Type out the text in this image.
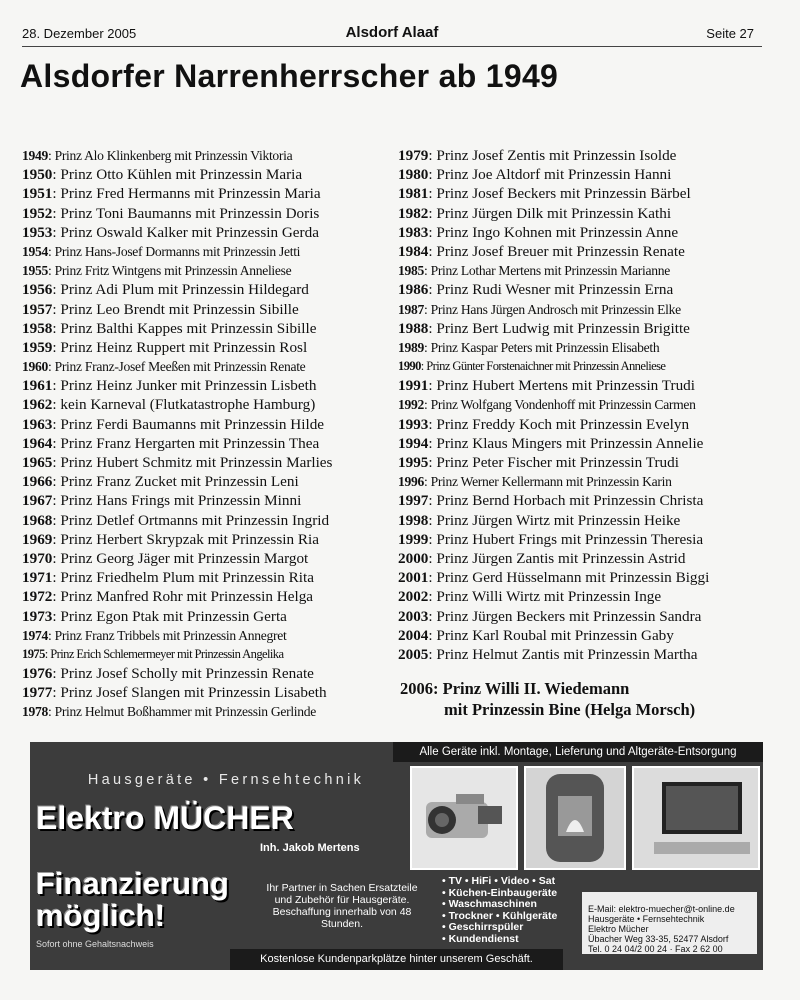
28. Dezember 2005	Alsdorf Alaaf	Seite 27
Alsdorfer Narrenherrscher ab 1949
1949: Prinz Alo Klinkenberg mit Prinzessin Viktoria
1950: Prinz Otto Kühlen mit Prinzessin Maria
1951: Prinz Fred Hermanns mit Prinzessin Maria
1952: Prinz Toni Baumanns mit Prinzessin Doris
1953: Prinz Oswald Kalker mit Prinzessin Gerda
1954: Prinz Hans-Josef Dormanns mit Prinzessin Jetti
1955: Prinz Fritz Wintgens mit Prinzessin Anneliese
1956: Prinz Adi Plum mit Prinzessin Hildegard
1957: Prinz Leo Brendt mit Prinzessin Sibille
1958: Prinz Balthi Kappes mit Prinzessin Sibille
1959: Prinz Heinz Ruppert mit Prinzessin Rosl
1960: Prinz Franz-Josef Meeßen mit Prinzessin Renate
1961: Prinz Heinz Junker mit Prinzessin Lisbeth
1962: kein Karneval (Flutkatastrophe Hamburg)
1963: Prinz Ferdi Baumanns mit Prinzessin Hilde
1964: Prinz Franz Hergarten mit Prinzessin Thea
1965: Prinz Hubert Schmitz mit Prinzessin Marlies
1966: Prinz Franz Zucket mit Prinzessin Leni
1967: Prinz Hans Frings mit Prinzessin Minni
1968: Prinz Detlef Ortmanns mit Prinzessin Ingrid
1969: Prinz Herbert Skrypzak mit Prinzessin Ria
1970: Prinz Georg Jäger mit Prinzessin Margot
1971: Prinz Friedhelm Plum mit Prinzessin Rita
1972: Prinz Manfred Rohr mit Prinzessin Helga
1973: Prinz Egon Ptak mit Prinzessin Gerta
1974: Prinz Franz Tribbels mit Prinzessin Annegret
1975: Prinz Erich Schlemermeyer mit Prinzessin Angelika
1976: Prinz Josef Scholly mit Prinzessin Renate
1977: Prinz Josef Slangen mit Prinzessin Lisabeth
1978: Prinz Helmut Boßhammer mit Prinzessin Gerlinde
1979: Prinz Josef Zentis mit Prinzessin Isolde
1980: Prinz Joe Altdorf mit Prinzessin Hanni
1981: Prinz Josef Beckers mit Prinzessin Bärbel
1982: Prinz Jürgen Dilk mit Prinzessin Kathi
1983: Prinz Ingo Kohnen mit Prinzessin Anne
1984: Prinz Josef Breuer mit Prinzessin Renate
1985: Prinz Lothar Mertens mit Prinzessin Marianne
1986: Prinz Rudi Wesner mit Prinzessin Erna
1987: Prinz Hans Jürgen Androsch mit Prinzessin Elke
1988: Prinz Bert Ludwig mit Prinzessin Brigitte
1989: Prinz Kaspar Peters mit Prinzessin Elisabeth
1990: Prinz Günter Forstenaichner mit Prinzessin Anneliese
1991: Prinz Hubert Mertens mit Prinzessin Trudi
1992: Prinz Wolfgang Vondenhoff mit Prinzessin Carmen
1993: Prinz Freddy Koch mit Prinzessin Evelyn
1994: Prinz Klaus Mingers mit Prinzessin Annelie
1995: Prinz Peter Fischer mit Prinzessin Trudi
1996: Prinz Werner Kellermann mit Prinzessin Karin
1997: Prinz Bernd Horbach mit Prinzessin Christa
1998: Prinz Jürgen Wirtz mit Prinzessin Heike
1999: Prinz Hubert Frings mit Prinzessin Theresia
2000: Prinz Jürgen Zantis mit Prinzessin Astrid
2001: Prinz Gerd Hüsselmann mit Prinzessin Biggi
2002: Prinz Willi Wirtz mit Prinzessin Inge
2003: Prinz Jürgen Beckers mit Prinzessin Sandra
2004: Prinz Karl Roubal mit Prinzessin Gaby
2005: Prinz Helmut Zantis mit Prinzessin Martha
2006: Prinz Willi II. Wiedemann
mit Prinzessin Bine (Helga Morsch)
Alle Geräte inkl. Montage, Lieferung und Altgeräte-Entsorgung
Hausgeräte • Fernsehtechnik
Elektro MÜCHER
Inh. Jakob Mertens
Finanzierung
möglich!
Sofort ohne Gehaltsnachweis
Ihr Partner in Sachen Ersatzteile und Zubehör für Hausgeräte. Beschaffung innerhalb von 48 Stunden.
• TV • HiFi • Video • Sat
• Küchen-Einbaugeräte
• Waschmaschinen
• Trockner • Kühlgeräte
• Geschirrspüler
• Kundendienst
E-Mail: elektro-muecher@t-online.de
Hausgeräte • Fernsehtechnik
Elektro Mücher
Übacher Weg 33-35, 52477 Alsdorf
Tel. 0 24 04/2 00 24 · Fax 2 62 00
Kostenlose Kundenparkplätze hinter unserem Geschäft.
